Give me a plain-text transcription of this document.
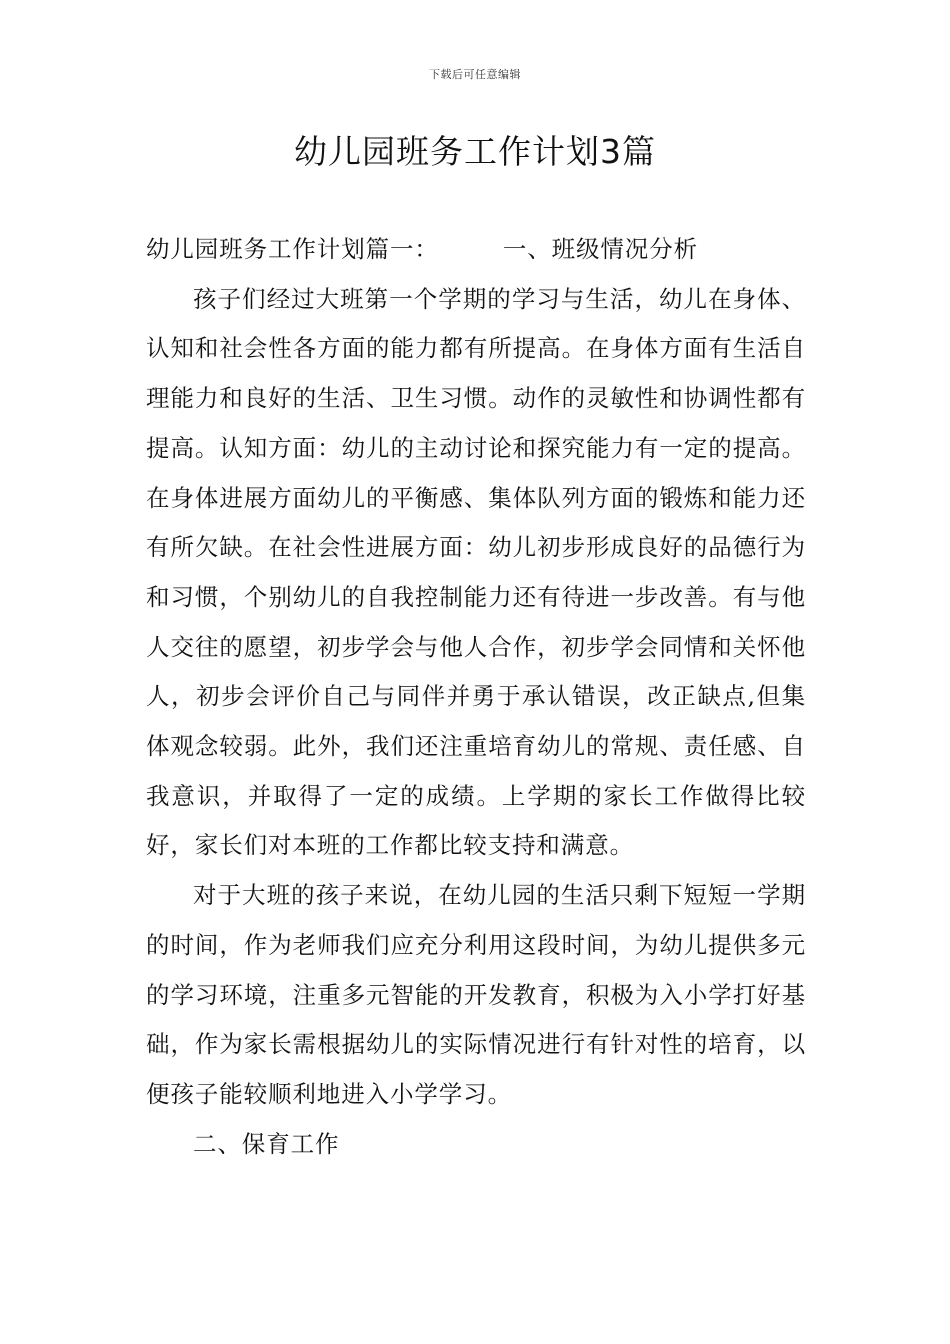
下载后可任意编辑
幼儿园班务工作计划3篇

幼儿园班务工作计划篇一：	一、班级情况分析

孩子们经过大班第一个学期的学习与生活，幼儿在身体、认知和社会性各方面的能力都有所提高。在身体方面有生活自理能力和良好的生活、卫生习惯。动作的灵敏性和协调性都有提高。认知方面：幼儿的主动讨论和探究能力有一定的提高。在身体进展方面幼儿的平衡感、集体队列方面的锻炼和能力还有所欠缺。在社会性进展方面：幼儿初步形成良好的品德行为和习惯，个别幼儿的自我控制能力还有待进一步改善。有与他人交往的愿望，初步学会与他人合作，初步学会同情和关怀他人，初步会评价自己与同伴并勇于承认错误，改正缺点,但集体观念较弱。此外，我们还注重培育幼儿的常规、责任感、自我意识，并取得了一定的成绩。上学期的家长工作做得比较好，家长们对本班的工作都比较支持和满意。

对于大班的孩子来说，在幼儿园的生活只剩下短短一学期的时间，作为老师我们应充分利用这段时间，为幼儿提供多元的学习环境，注重多元智能的开发教育，积极为入小学打好基础，作为家长需根据幼儿的实际情况进行有针对性的培育，以便孩子能较顺利地进入小学学习。

二、保育工作
